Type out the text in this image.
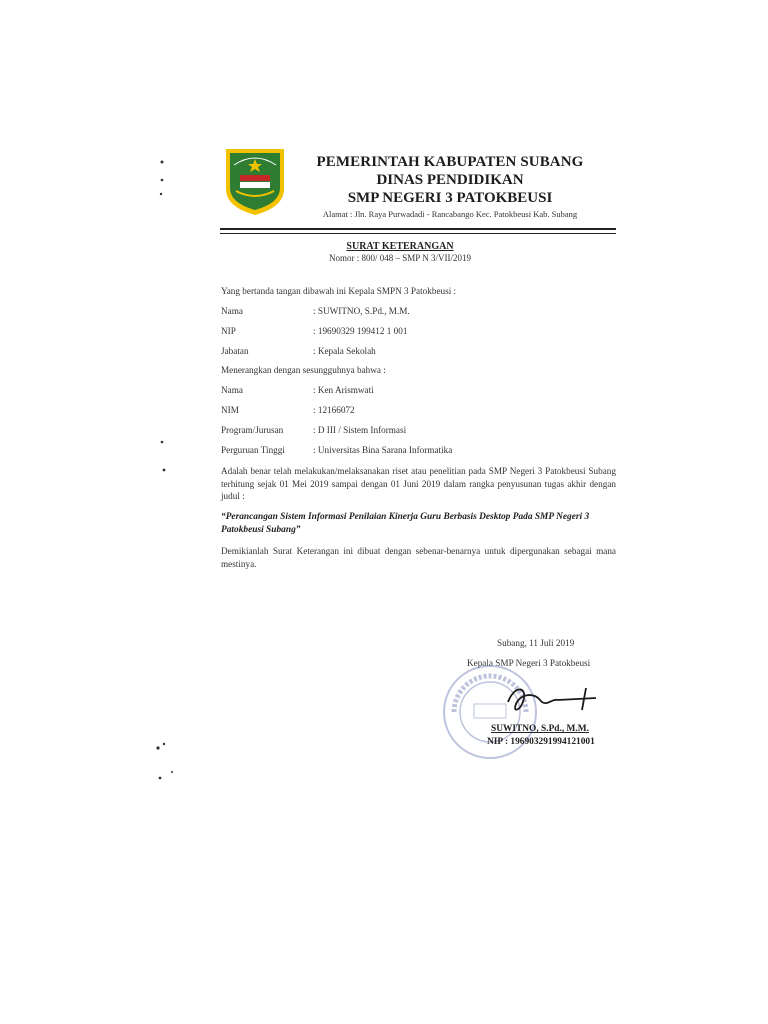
PEMERINTAH KABUPATEN SUBANG
DINAS PENDIDIKAN
SMP NEGERI 3 PATOKBEUSI
Alamat : Jln. Raya Purwadadi - Rancabango Kec. Patokbeusi Kab. Subang
SURAT KETERANGAN
Nomor : 800/ 048 – SMP N 3/VII/2019
Yang bertanda tangan dibawah ini Kepala SMPN 3 Patokbeusi :
Nama	: SUWITNO, S.Pd., M.M.
NIP	: 19690329 199412 1 001
Jabatan	: Kepala Sekolah
Menerangkan dengan sesungguhnya bahwa :
Nama	: Ken Arismwati
NIM	: 12166072
Program/Jurusan	: D III / Sistem Informasi
Perguruan Tinggi	: Universitas Bina Sarana Informatika
Adalah benar telah melakukan/melaksanakan riset atau penelitian pada SMP Negeri 3 Patokbeusi Subang terhitung sejak 01 Mei 2019 sampai dengan 01 Juni 2019 dalam rangka penyusunan tugas akhir dengan judul :
“Perancangan Sistem Informasi Penilaian Kinerja Guru Berbasis Desktop Pada SMP Negeri 3 Patokbeusi Subang”
Demikianlah Surat Keterangan ini dibuat dengan sebenar-benarnya untuk dipergunakan sebagai mana mestinya.
Subang, 11 Juli 2019
Kepala SMP Negeri 3 Patokbeusi
SUWITNO, S.Pd., M.M.
NIP : 196903291994121001
